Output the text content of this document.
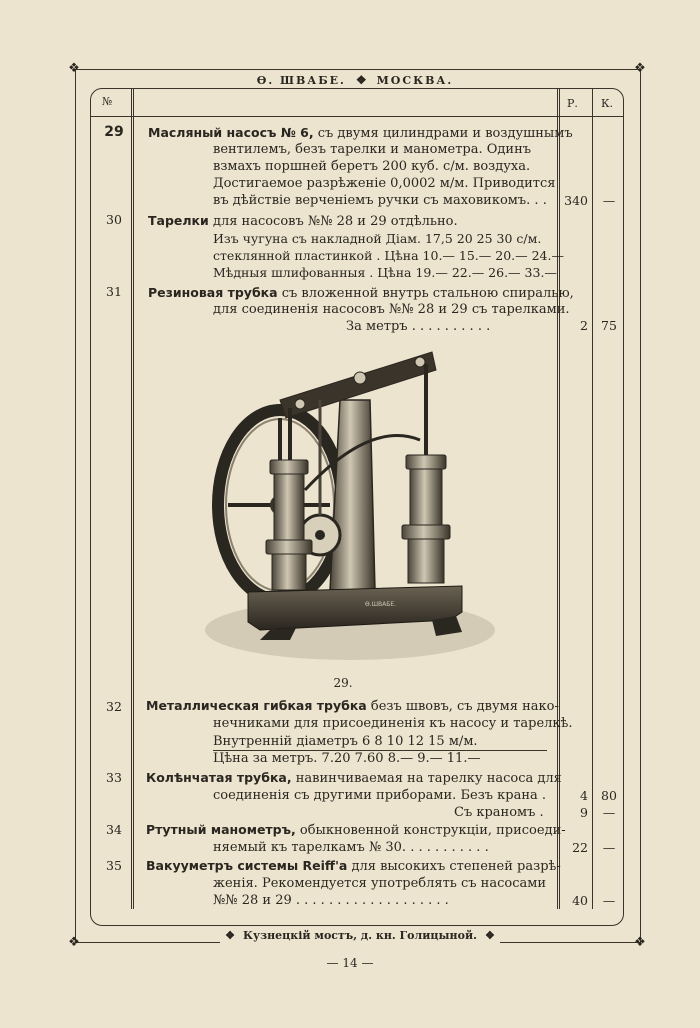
❖	❖
❖	❖
Ѳ. ШВАБЕ. ❖ МОСКВА.
№	Р. К.
29	Масляный насосъ № 6, съ двумя цилиндрами и воздушнымъ
вентилемъ, безъ тарелки и манометра. Одинъ
взмахъ поршней беретъ 200 куб. с/м. воздуха.
Достигаемое разрѣженіе 0,0002 м/м. Приводится
въ дѣйствіе верченіемъ ручки съ маховикомъ. . .	340	—
30	Тарелки для насосовъ №№ 28 и 29 отдѣльно.
Изъ чугуна съ накладной Діам. 17,5 20 25 30 с/м.
стеклянной пластинкой . Цѣна 10.— 15.— 20.— 24.—
Мѣдныя шлифованныя . Цѣна 19.— 22.— 26.— 33.—
31	Резиновая трубка съ вложенной внутрь стальною спиралью,
для соединенія насосовъ №№ 28 и 29 съ тарелками.
За метръ . . . . . . . . . .	2	75
Ѳ.ШВАБЕ.
29.
32	Металлическая гибкая трубка безъ швовъ, съ двумя нако-
нечниками для присоединенія къ насосу и тарелкѣ.
Внутренній діаметръ 6 8 10 12 15 м/м.
Цѣна за метръ. 7.20 7.60 8.— 9.— 11.—
33	Колѣнчатая трубка, навинчиваемая на тарелку насоса для
соединенія съ другими приборами. Безъ крана .	4	80
Съ краномъ .	9	—
34	Ртутный манометръ, обыкновенной конструкціи, присоеди-
няемый къ тарелкамъ № 30. . . . . . . . . . .	22	—
35	Вакууметръ системы Reiff'a для высокихъ степеней разрѣ-
женія. Рекомендуется употреблять съ насосами
№№ 28 и 29 . . . . . . . . . . . . . . . . . . .	40	—
❖ Кузнецкій мостъ, д. кн. Голицыной. ❖
— 14 —
